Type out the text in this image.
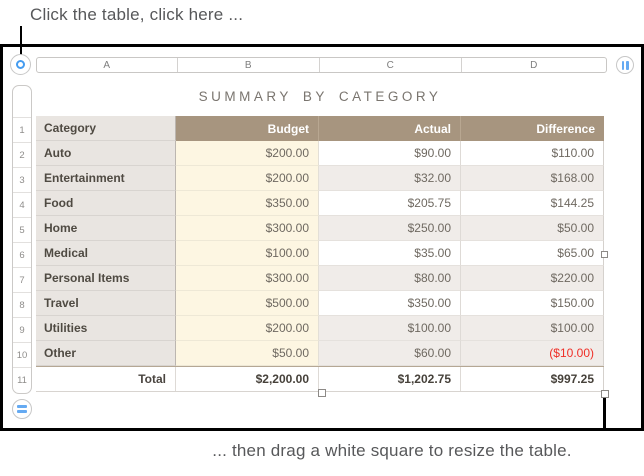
Click the table, click here ...
A	B	C	D
1
2
3
4
5
6
7
8
9
10
11
SUMMARY BY CATEGORY
Category	Budget	Actual	Difference
Auto	$200.00	$90.00	$110.00
Entertainment	$200.00	$32.00	$168.00
Food	$350.00	$205.75	$144.25
Home	$300.00	$250.00	$50.00
Medical	$100.00	$35.00	$65.00
Personal Items	$300.00	$80.00	$220.00
Travel	$500.00	$350.00	$150.00
Utilities	$200.00	$100.00	$100.00
Other	$50.00	$60.00	($10.00)
Total	$2,200.00	$1,202.75	$997.25
... then drag a white square to resize the table.
